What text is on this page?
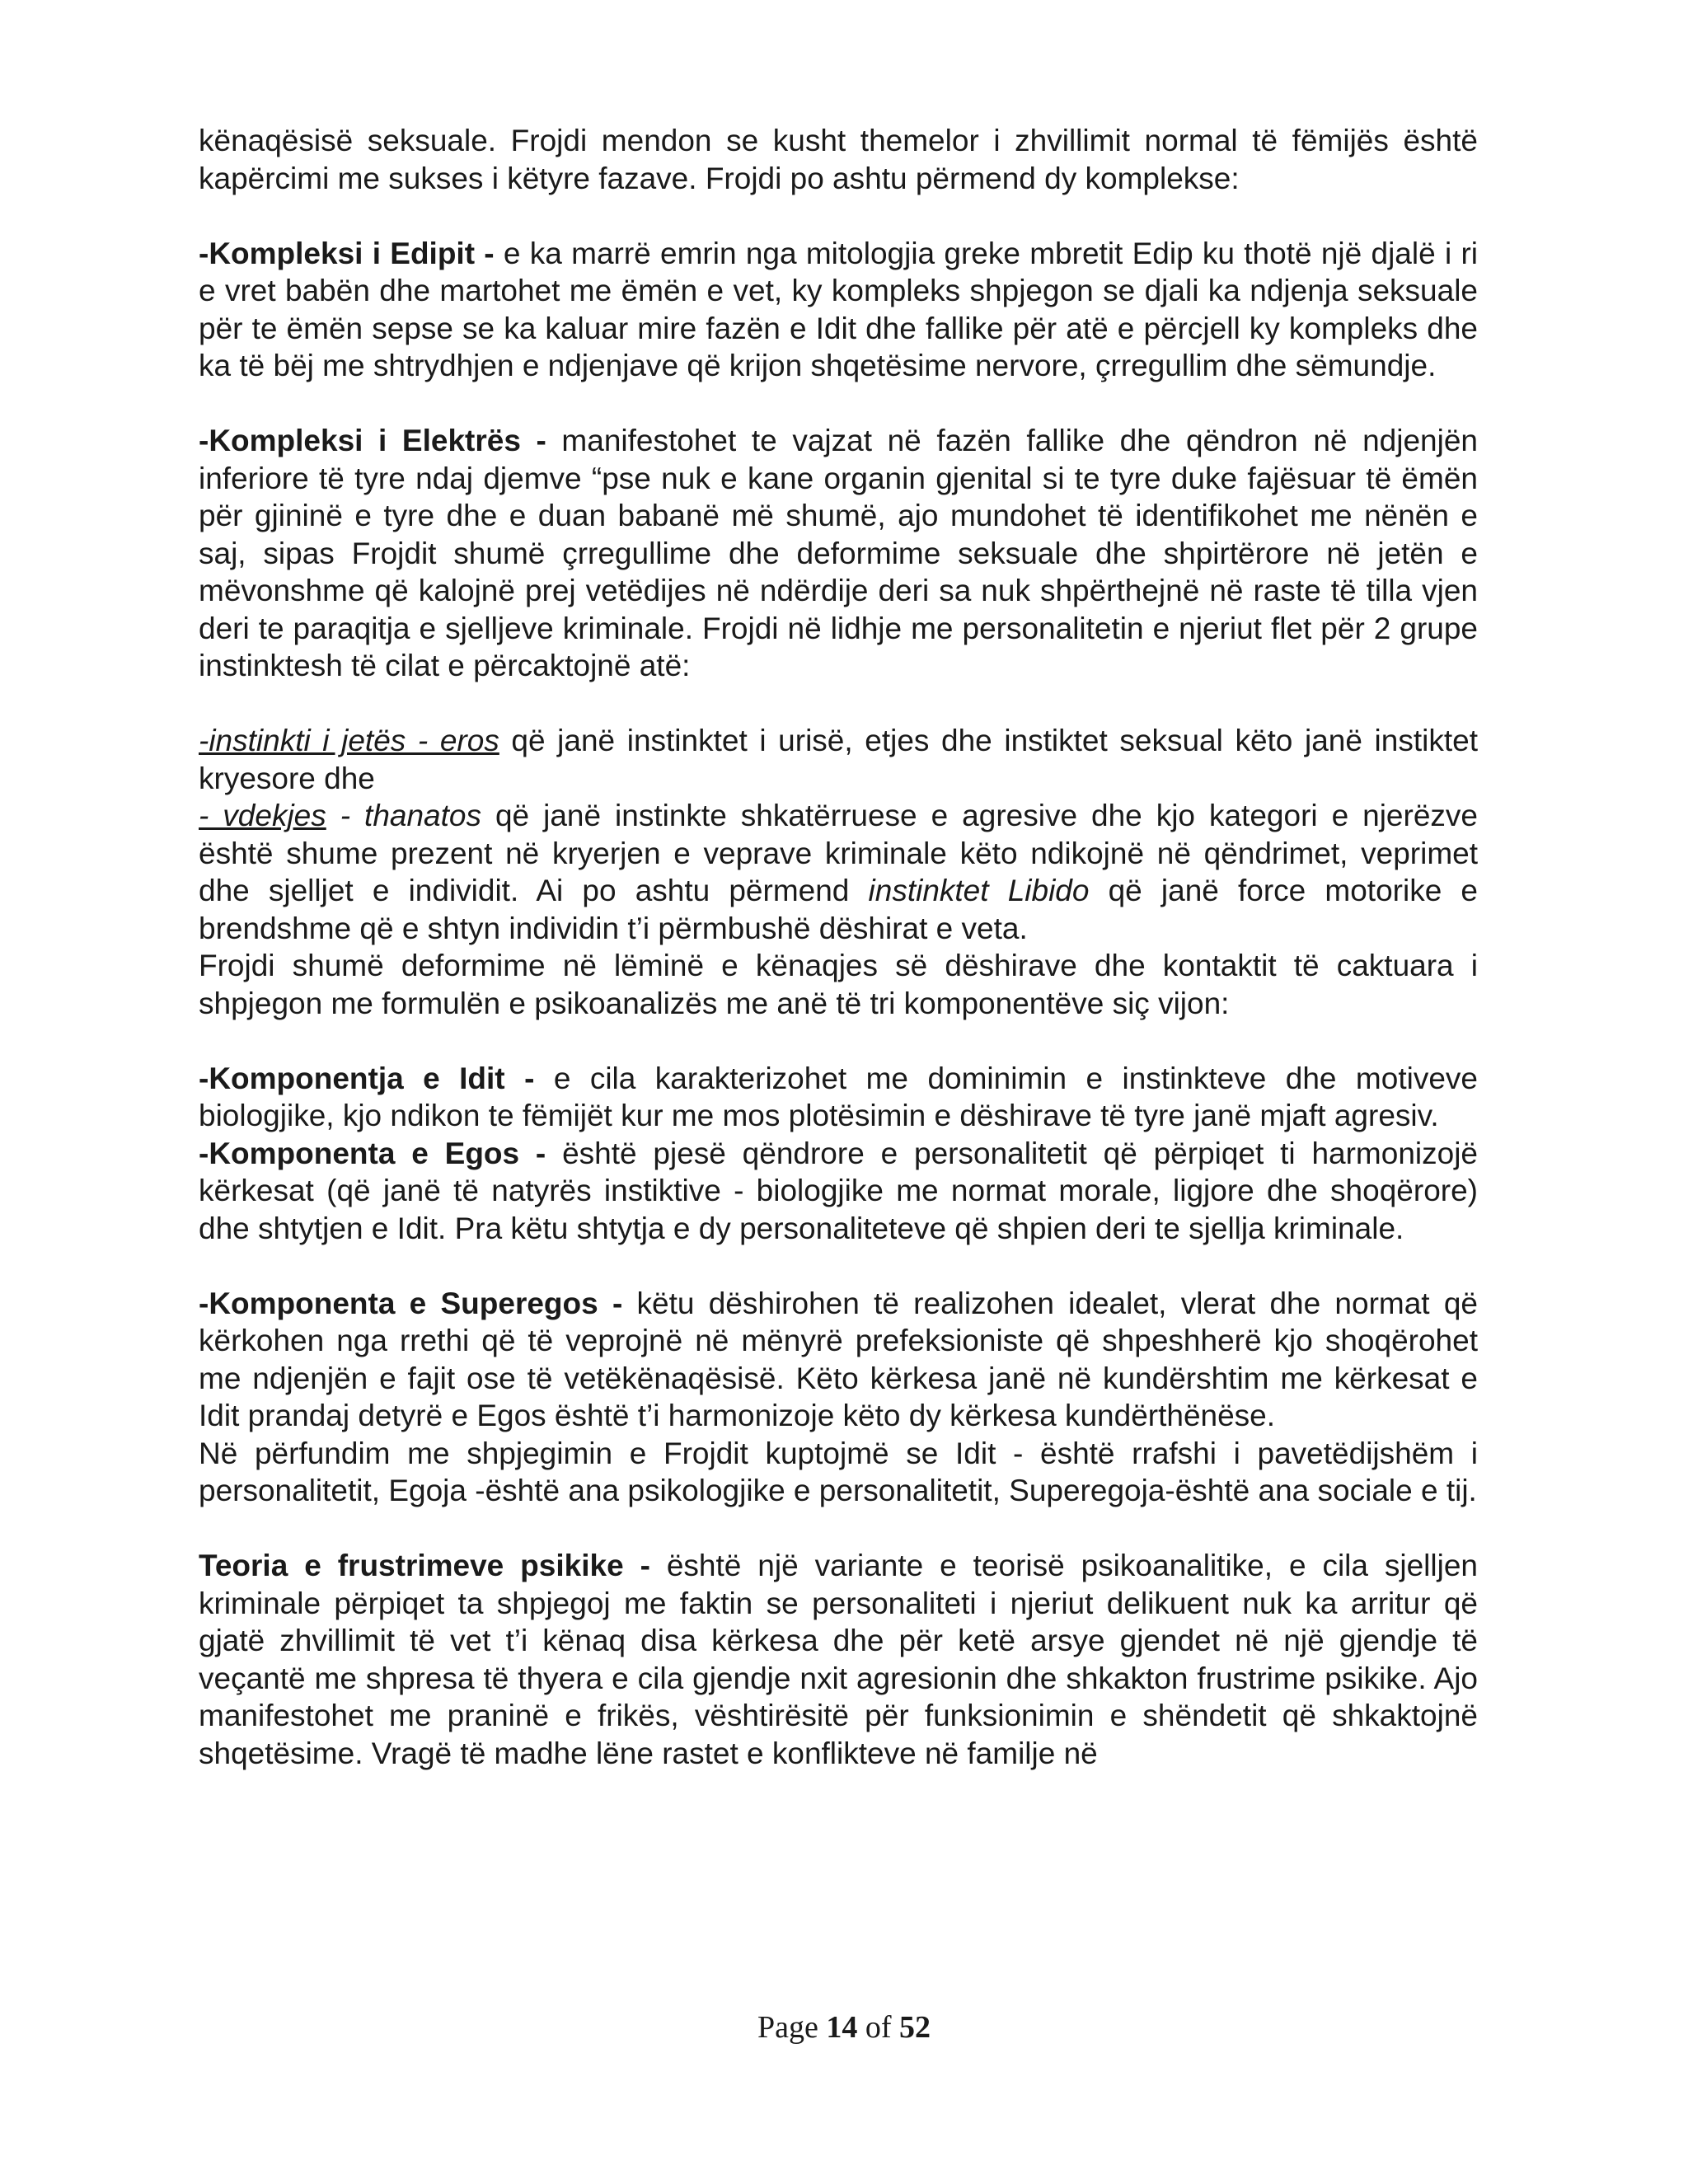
kënaqësisë seksuale. Frojdi mendon se kusht themelor i zhvillimit normal të fëmijës është kapërcimi me sukses i këtyre fazave. Frojdi po ashtu përmend dy komplekse:

-Kompleksi i Edipit - e ka marrë emrin nga mitologjia greke mbretit Edip ku thotë një djalë i ri e vret babën dhe martohet me ëmën e vet, ky kompleks shpjegon se djali ka ndjenja seksuale për te ëmën sepse se ka kaluar mire fazën e Idit dhe fallike për atë e përcjell ky kompleks dhe ka të bëj me shtrydhjen e ndjenjave që krijon shqetësime nervore, çrregullim dhe sëmundje.

-Kompleksi i Elektrës - manifestohet te vajzat në fazën fallike dhe qëndron në ndjenjën inferiore të tyre ndaj djemve “pse nuk e kane organin gjenital si te tyre duke fajësuar të ëmën për gjininë e tyre dhe e duan babanë më shumë, ajo mundohet të identifikohet me nënën e saj, sipas Frojdit shumë çrregullime dhe deformime seksuale dhe shpirtërore në jetën e mëvonshme që kalojnë prej vetëdijes në ndërdije deri sa nuk shpërthejnë në raste të tilla vjen deri te paraqitja e sjelljeve kriminale. Frojdi në lidhje me personalitetin e njeriut flet për 2 grupe instinktesh të cilat e përcaktojnë atë:

-instinkti i jetës - eros që janë instinktet i urisë, etjes dhe instiktet seksual këto janë instiktet kryesore dhe

- vdekjes - thanatos që janë instinkte shkatërruese e agresive dhe kjo kategori e njerëzve është shume prezent në kryerjen e veprave kriminale këto ndikojnë në qëndrimet, veprimet dhe sjelljet e individit. Ai po ashtu përmend instinktet Libido që janë force motorike e brendshme që e shtyn individin t’i përmbushë dëshirat e veta.

Frojdi shumë deformime në lëminë e kënaqjes së dëshirave dhe kontaktit të caktuara i shpjegon me formulën e psikoanalizës me anë të tri komponentëve siç vijon:

-Komponentja e Idit - e cila karakterizohet me dominimin e instinkteve dhe motiveve biologjike, kjo ndikon te fëmijët kur me mos plotësimin e dëshirave të tyre janë mjaft agresiv.

-Komponenta e Egos - është pjesë qëndrore e personalitetit që përpiqet ti harmonizojë kërkesat (që janë të natyrës instiktive - biologjike me normat morale, ligjore dhe shoqërore) dhe shtytjen e Idit. Pra këtu shtytja e dy personaliteteve që shpien deri te sjellja kriminale.

-Komponenta e Superegos - këtu dëshirohen të realizohen idealet, vlerat dhe normat që kërkohen nga rrethi që të veprojnë në mënyrë prefeksioniste që shpeshherë kjo shoqërohet me ndjenjën e fajit ose të vetëkënaqësisë. Këto kërkesa janë në kundërshtim me kërkesat e Idit prandaj detyrë e Egos është t’i harmonizoje këto dy kërkesa kundërthënëse.

Në përfundim me shpjegimin e Frojdit kuptojmë se Idit - është rrafshi i pavetëdijshëm i personalitetit, Egoja -është ana psikologjike e personalitetit, Superegoja-është ana sociale e tij.

Teoria e frustrimeve psikike - është një variante e teorisë psikoanalitike, e cila sjelljen kriminale përpiqet ta shpjegoj me faktin se personaliteti i njeriut delikuent nuk ka arritur që gjatë zhvillimit të vet t’i kënaq disa kërkesa dhe për ketë arsye gjendet në një gjendje të veçantë me shpresa të thyera e cila gjendje nxit agresionin dhe shkakton frustrime psikike. Ajo manifestohet me praninë e frikës, vështirësitë për funksionimin e shëndetit që shkaktojnë shqetësime. Vragë të madhe lëne rastet e konflikteve në familje në

Page 14 of 52
